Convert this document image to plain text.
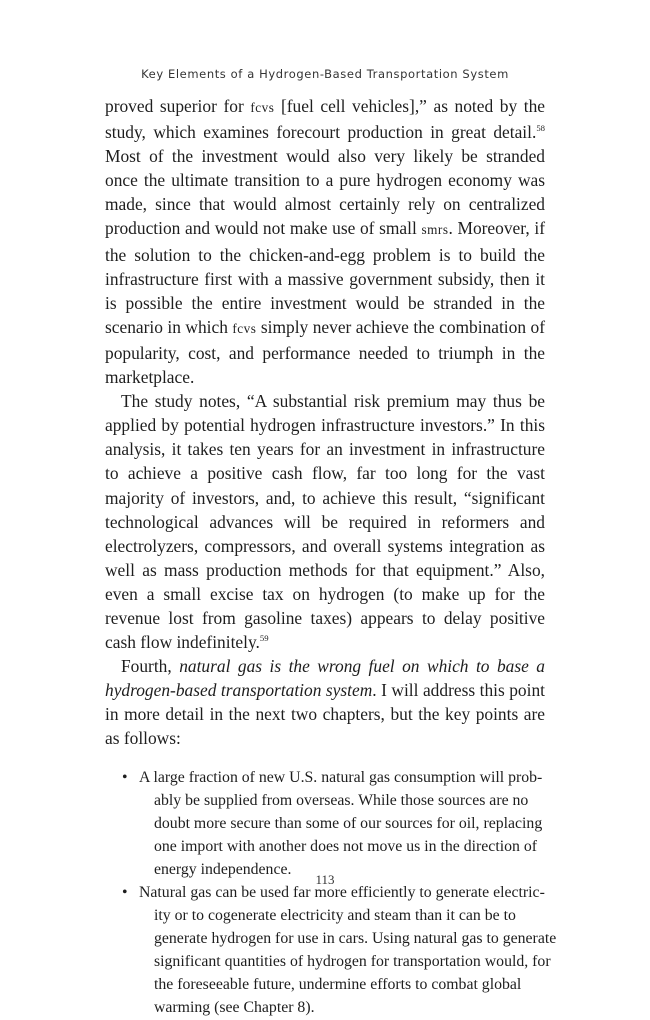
Key Elements of a Hydrogen-Based Transportation System

proved superior for fcvs [fuel cell vehicles],” as noted by the study, which examines forecourt production in great detail.$^{58}$ Most of the investment would also very likely be stranded once the ultimate transition to a pure hydrogen economy was made, since that would almost certainly rely on centralized production and would not make use of small smrs. Moreover, if the solution to the chicken-and-egg problem is to build the infrastructure first with a massive government subsidy, then it is possible the entire investment would be stranded in the scenario in which fcvs simply never achieve the combination of popularity, cost, and performance needed to triumph in the marketplace.

The study notes, “A substantial risk premium may thus be applied by potential hydrogen infrastructure investors.” In this analysis, it takes ten years for an investment in infrastructure to achieve a positive cash flow, far too long for the vast majority of investors, and, to achieve this result, “significant technological advances will be required in reformers and electrolyzers, compressors, and overall systems integration as well as mass production methods for that equipment.” Also, even a small excise tax on hydrogen (to make up for the revenue lost from gasoline taxes) appears to delay positive cash flow indefinitely.$^{59}$

Fourth, natural gas is the wrong fuel on which to base a hydrogen-based transportation system. I will address this point in more detail in the next two chapters, but the key points are as follows:

• A large fraction of new U.S. natural gas consumption will prob-
ably be supplied from overseas. While those sources are no
doubt more secure than some of our sources for oil, replacing
one import with another does not move us in the direction of
energy independence.
• Natural gas can be used far more efficiently to generate electric-
ity or to cogenerate electricity and steam than it can be to
generate hydrogen for use in cars. Using natural gas to generate
significant quantities of hydrogen for transportation would, for
the foreseeable future, undermine efforts to combat global
warming (see Chapter 8).
113
